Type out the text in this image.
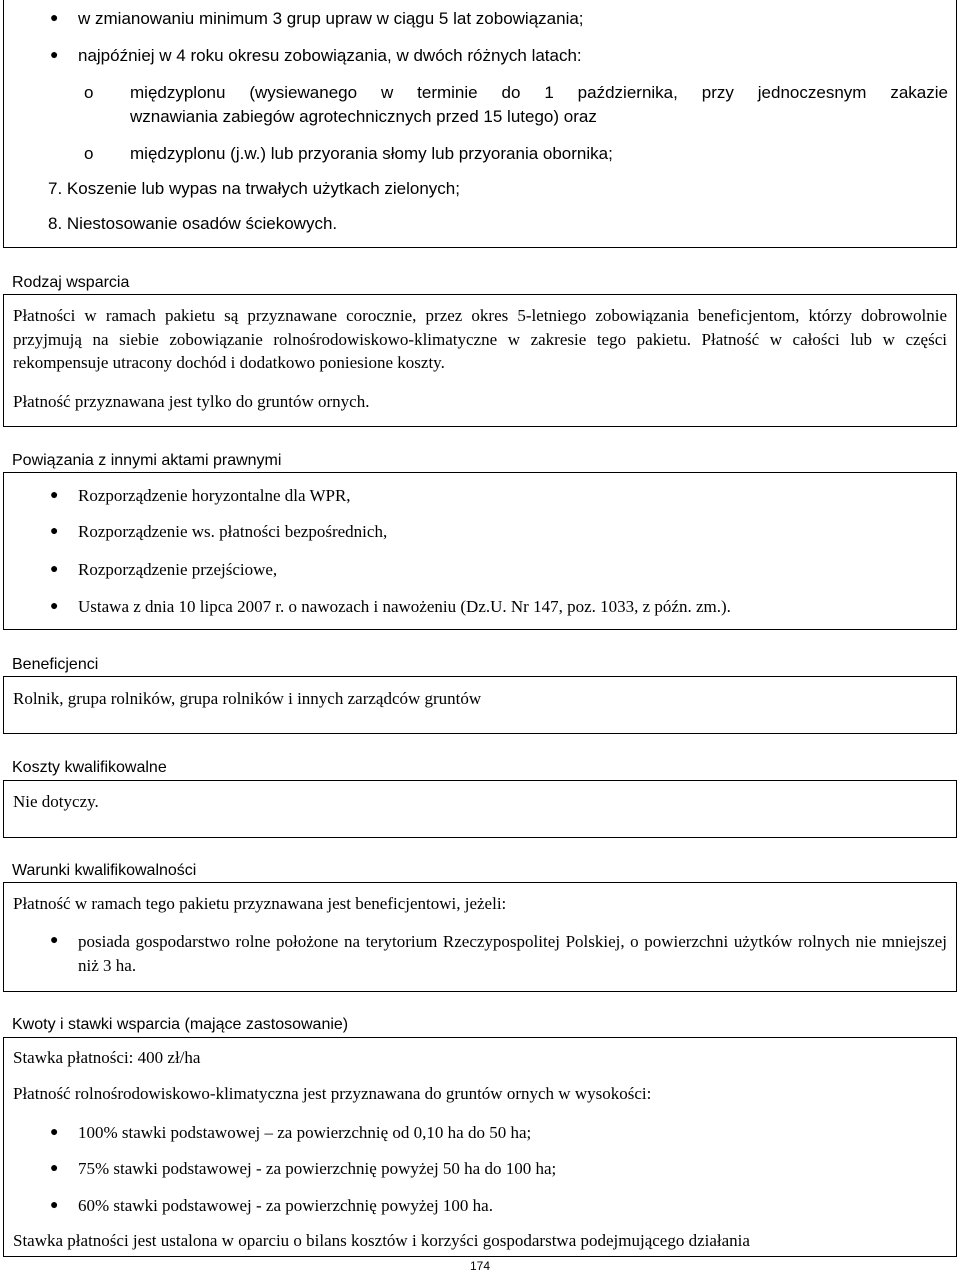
● w zmianowaniu minimum 3 grup upraw w ciągu 5 lat zobowiązania;
● najpóźniej w 4 roku okresu zobowiązania, w dwóch różnych latach:
o międzyplonu (wysiewanego w terminie do 1 października, przy jednoczesnym zakazie
wznawiania zabiegów agrotechnicznych przed 15 lutego) oraz
o międzyplonu (j.w.) lub przyorania słomy lub przyorania obornika;
7. Koszenie lub wypas na trwałych użytkach zielonych;
8. Niestosowanie osadów ściekowych.
Rodzaj wsparcia
Płatności w ramach pakietu są przyznawane corocznie, przez okres 5-letniego zobowiązania beneficjentom, którzy dobrowolnie przyjmują na siebie zobowiązanie rolnośrodowiskowo-klimatyczne w zakresie tego pakietu. Płatność w całości lub w części rekompensuje utracony dochód i dodatkowo poniesione koszty.
Płatność przyznawana jest tylko do gruntów ornych.
Powiązania z innymi aktami prawnymi
● Rozporządzenie horyzontalne dla WPR,
● Rozporządzenie ws. płatności bezpośrednich,
● Rozporządzenie przejściowe,
● Ustawa z dnia 10 lipca 2007 r. o nawozach i nawożeniu (Dz.U. Nr 147, poz. 1033, z późn. zm.).
Beneficjenci
Rolnik, grupa rolników, grupa rolników i innych zarządców gruntów
Koszty kwalifikowalne
Nie dotyczy.
Warunki kwalifikowalności
Płatność w ramach tego pakietu przyznawana jest beneficjentowi, jeżeli:
● posiada gospodarstwo rolne położone na terytorium Rzeczypospolitej Polskiej, o powierzchni użytków rolnych nie mniejszej niż 3 ha.
Kwoty i stawki wsparcia (mające zastosowanie)
Stawka płatności: 400 zł/ha
Płatność rolnośrodowiskowo-klimatyczna jest przyznawana do gruntów ornych w wysokości:
● 100% stawki podstawowej – za powierzchnię od 0,10 ha do 50 ha;
● 75% stawki podstawowej - za powierzchnię powyżej 50 ha do 100 ha;
● 60% stawki podstawowej - za powierzchnię powyżej 100 ha.
Stawka płatności jest ustalona w oparciu o bilans kosztów i korzyści gospodarstwa podejmującego działania
174
